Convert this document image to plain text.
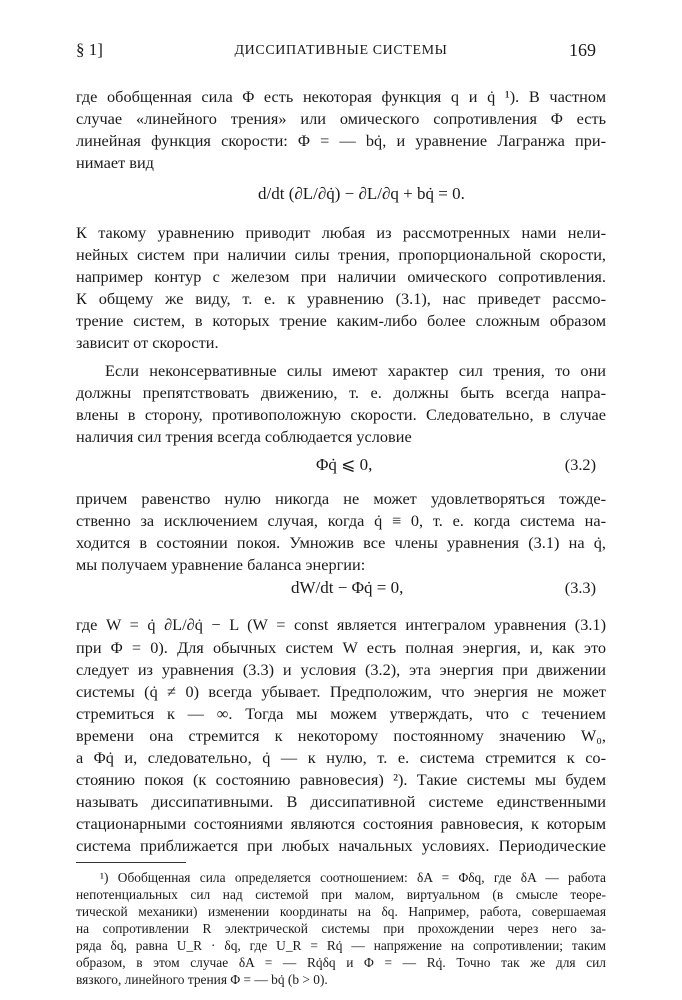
§ 1]	ДИССИПАТИВНЫЕ СИСТЕМЫ	169
где обобщенная сила Φ есть некоторая функция q и q̇ ¹). В частном
случае «линейного трения» или омического сопротивления Φ есть
линейная функция скорости: Φ = — bq̇, и уравнение Лагранжа при-
нимает вид
d/dt (∂L/∂q̇) − ∂L/∂q + bq̇ = 0.
К такому уравнению приводит любая из рассмотренных нами нели-
нейных систем при наличии силы трения, пропорциональной скорости,
например контур с железом при наличии омического сопротивления.
К общему же виду, т. е. к уравнению (3.1), нас приведет рассмо-
трение систем, в которых трение каким-либо более сложным образом
зависит от скорости.
Если неконсервативные силы имеют характер сил трения, то они
должны препятствовать движению, т. е. должны быть всегда напра-
влены в сторону, противоположную скорости. Следовательно, в случае
наличия сил трения всегда соблюдается условие
Φq̇ ⩽ 0,	(3.2)
причем равенство нулю никогда не может удовлетворяться тожде-
ственно за исключением случая, когда q̇ ≡ 0, т. е. когда система на-
ходится в состоянии покоя. Умножив все члены уравнения (3.1) на q̇,
мы получаем уравнение баланса энергии:
dW/dt − Φq̇ = 0,	(3.3)
где W = q̇ ∂L/∂q̇ − L (W = const является интегралом уравнения (3.1)
при Φ = 0). Для обычных систем W есть полная энергия, и, как это
следует из уравнения (3.3) и условия (3.2), эта энергия при движении
системы (q̇ ≠ 0) всегда убывает. Предположим, что энергия не может
стремиться к — ∞. Тогда мы можем утверждать, что с течением
времени она стремится к некоторому постоянному значению W₀,
а Φq̇ и, следовательно, q̇ — к нулю, т. е. система стремится к со-
стоянию покоя (к состоянию равновесия) ²). Такие системы мы будем
называть диссипативными. В диссипативной системе единственными
стационарными состояниями являются состояния равновесия, к которым
система приближается при любых начальных условиях. Периодические
¹) Обобщенная сила определяется соотношением: δA = Φδq, где δA — работа
непотенциальных сил над системой при малом, виртуальном (в смысле теоре-
тической механики) изменении координаты на δq. Например, работа, совершаемая
на сопротивлении R электрической системы при прохождении через него за-
ряда δq, равна U_R · δq, где U_R = Rq̇ — напряжение на сопротивлении; таким
образом, в этом случае δA = — Rq̇δq и Φ = — Rq̇. Точно так же для сил
вязкого, линейного трения Φ = — bq̇ (b > 0).
